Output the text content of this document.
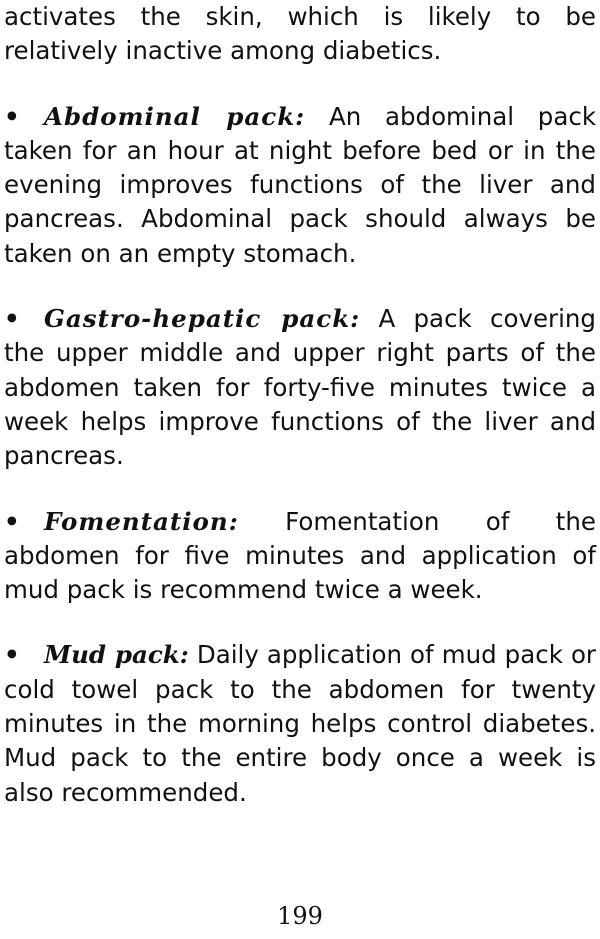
activates the skin, which is likely to be relatively inactive among diabetics.

• Abdominal pack: An abdominal pack taken for an hour at night before bed or in the evening improves functions of the liver and pancreas. Abdominal pack should always be taken on an empty stomach.

• Gastro-hepatic pack: A pack covering the upper middle and upper right parts of the abdomen taken for forty-five minutes twice a week helps improve functions of the liver and pancreas.

• Fomentation: Fomentation of the abdomen for five minutes and application of mud pack is recommend twice a week.

• Mud pack: Daily application of mud pack or cold towel pack to the abdomen for twenty minutes in the morning helps control diabetes. Mud pack to the entire body once a week is also recommended.

199
